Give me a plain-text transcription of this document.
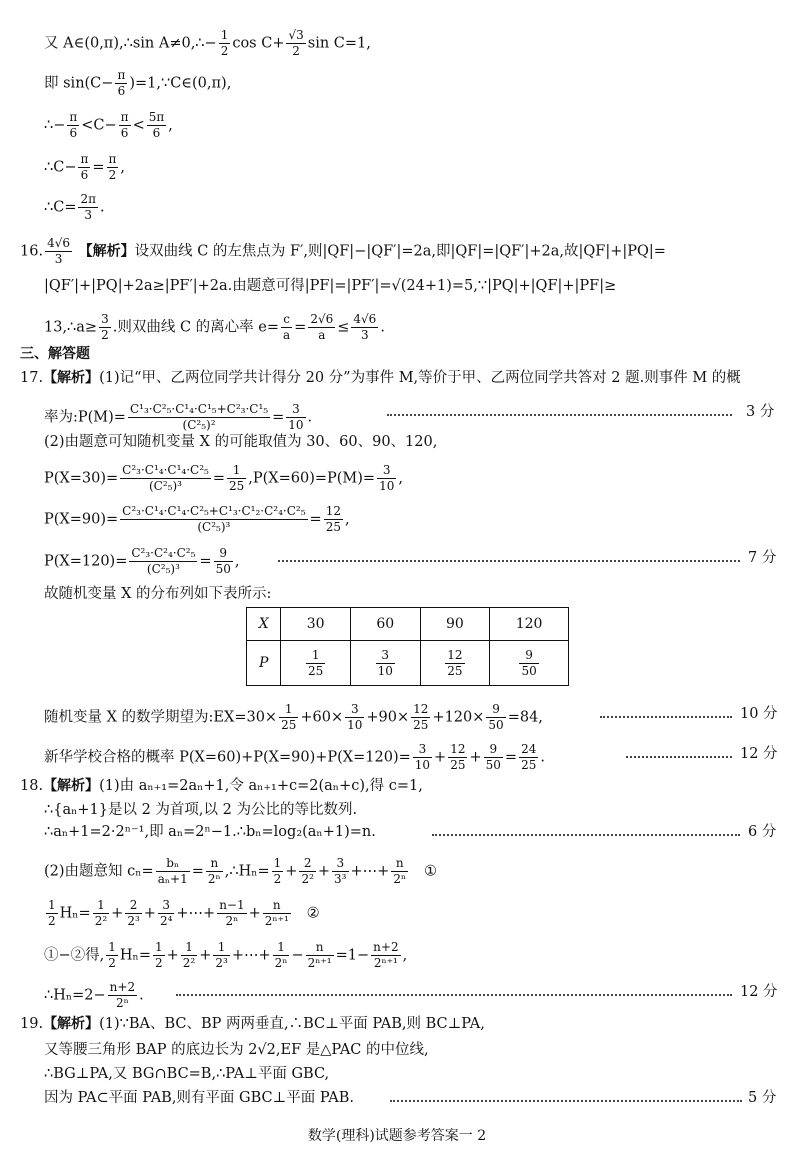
又 A∈(0,π),∴sin A≠0,∴− $\frac{1}{2}$ $\cos C+ \frac{√3}{2}$ sin C=1,
即 $\sin(C- \frac{\pi}{6}$ )=1,∵C∈(0,π),
∴− $\frac{\pi}{6} <C- \frac{\pi}{6} < \frac{5\pi}{6}$ ,
∴C− $\frac{\pi}{6} = \frac{\pi}{2}$ ,
∴C= $\frac{2\pi}{3}$ .
16. $\frac{4√6}{3}$ 【解析】设双曲线 C 的左焦点为 F′,则|QF|−|QF′|=2a,即|QF|=|QF′|+2a,故|QF|+|PQ|=
|QF′|+|PQ|+2a≥|PF′|+2a.由题意可得|PF|=|PF′|=√(24+1)=5,∵|PQ|+|QF|+|PF|≥
13,∴a≥ $\frac{3}{2}$ .则双曲线 C 的离心率 $e= \frac{c}{a} = \frac{2√6}{a} \le \frac{4√6}{3}$ .
三、解答题
17.【解析】(1)记“甲、乙两位同学共计得分 20 分”为事件 M,等价于甲、乙两位同学共答对 2 题.则事件 M 的概
率为:P(M)= $\frac{\text{C¹₃·C²₅·C¹₄·C¹₅+C²₃·C¹₅}}{\text{(C²₅)²}} = \frac{3}{10}$ .	3 分
(2)由题意可知随机变量 X 的可能取值为 30、60、90、120,
$P(X=30)= \frac{\text{C²₃·C¹₄·C¹₄·C²₅}}{\text{(C²₅)³}} = \frac{1}{25} ,P(X=60)=P(M)= \frac{3}{10}$ ,
$P(X=90)= \frac{\text{C²₃·C¹₄·C¹₄·C²₅+C¹₃·C¹₂·C²₄·C²₅}}{\text{(C²₅)³}} = \frac{12}{25}$ ,
$P(X=120)= \frac{\text{C²₃·C²₄·C²₅}}{\text{(C²₅)³}} = \frac{9}{50}$ ,	7 分
故随机变量 X 的分布列如下表所示:
X	30	60	90	120
P	$\frac{1}{25}$	$\frac{3}{10}$	$\frac{12}{25}$	$\frac{9}{50}$
随机变量 X 的数学期望为:EX=30× $\frac{1}{25} +60\times \frac{3}{10} +90\times \frac{12}{25} +120\times \frac{9}{50} =84$,	10 分
新华学校合格的概率 $P(X=60)+P(X=90)+P(X=120)= \frac{3}{10} + \frac{12}{25} + \frac{9}{50} = \frac{24}{25}$ .	12 分
18.【解析】(1)由 aₙ₊₁=2aₙ+1,令 aₙ₊₁+c=2(aₙ+c),得 c=1,
∴{aₙ+1}是以 2 为首项,以 2 为公比的等比数列.
∴aₙ+1=2·2ⁿ⁻¹,即 aₙ=2ⁿ−1.∴bₙ=log₂(aₙ+1)=n.	6 分
(2)由题意知 $c_n= \frac{\text{bₙ}}{\text{aₙ+1}} = \frac{n}{\text{2ⁿ}}$ ,∴Hₙ= $\frac{1}{2} + \frac{2}{\text{2²}} + \frac{3}{\text{3³}}$ +⋯+ $\frac{n}{\text{2ⁿ}}$ ①
$\frac{1}{2} H_n= \frac{1}{\text{2²}} + \frac{2}{\text{2³}} + \frac{3}{\text{2⁴}}$ +⋯+ $\frac{n-1}{\text{2ⁿ}} + \frac{n}{\text{2ⁿ⁺¹}}$ ②
①−②得, $\frac{1}{2} H_n= \frac{1}{2} + \frac{1}{\text{2²}} + \frac{1}{\text{2³}}$ +⋯+ $\frac{1}{\text{2ⁿ}} - \frac{n}{\text{2ⁿ⁺¹}} =1- \frac{n+2}{\text{2ⁿ⁺¹}}$ ,
∴Hₙ=2− $\frac{n+2}{\text{2ⁿ}}$ .	12 分
19.【解析】(1)∵BA、BC、BP 两两垂直,∴BC⊥平面 PAB,则 BC⊥PA,
又等腰三角形 BAP 的底边长为 2√2,EF 是△PAC 的中位线,
∴BG⊥PA,又 BG∩BC=B,∴PA⊥平面 GBC,
因为 PA⊂平面 PAB,则有平面 GBC⊥平面 PAB.	5 分
数学(理科)试题参考答案一 2
